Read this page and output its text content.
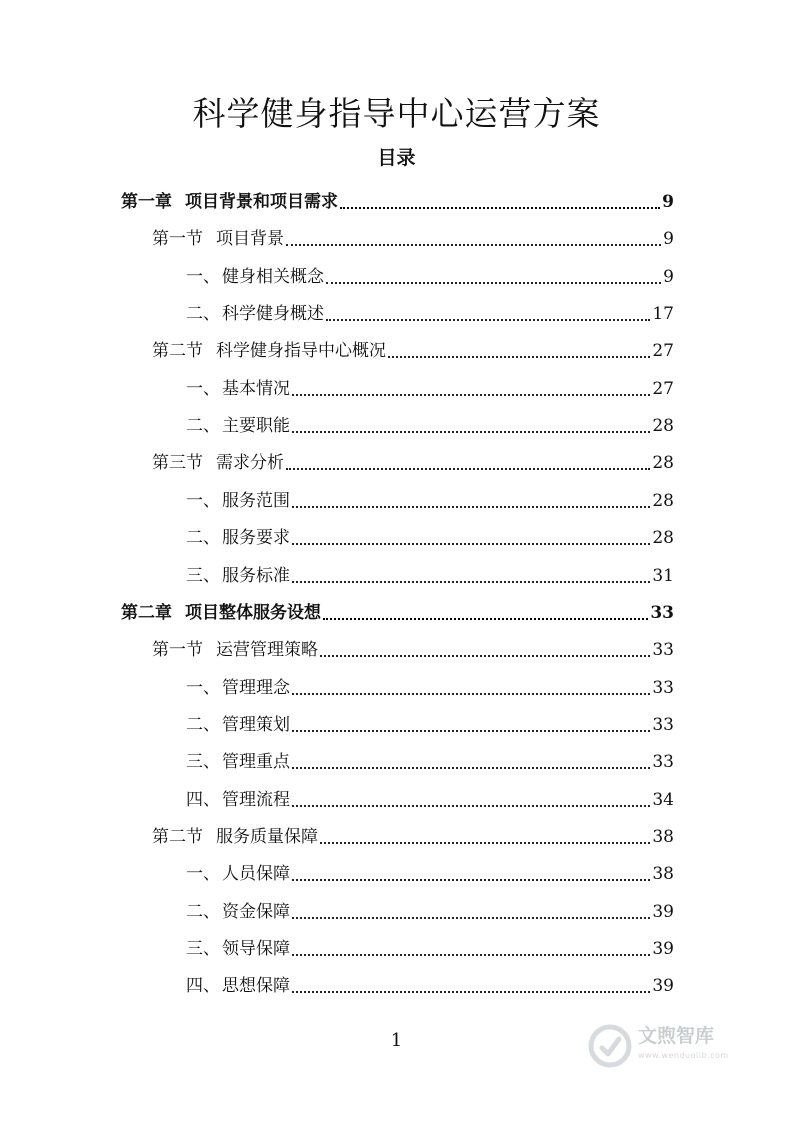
科学健身指导中心运营方案
目录
第一章 项目背景和项目需求	9
第一节 项目背景	9
一、 健身相关概念	9
二、 科学健身概述	17
第二节 科学健身指导中心概况	27
一、 基本情况	27
二、 主要职能	28
第三节 需求分析	28
一、 服务范围	28
二、 服务要求	28
三、 服务标准	31
第二章 项目整体服务设想	33
第一节 运营管理策略	33
一、 管理理念	33
二、 管理策划	33
三、 管理重点	33
四、 管理流程	34
第二节 服务质量保障	38
一、 人员保障	38
二、 资金保障	39
三、 领导保障	39
四、 思想保障	39
1	文煦智库
www.wenduolib.com
